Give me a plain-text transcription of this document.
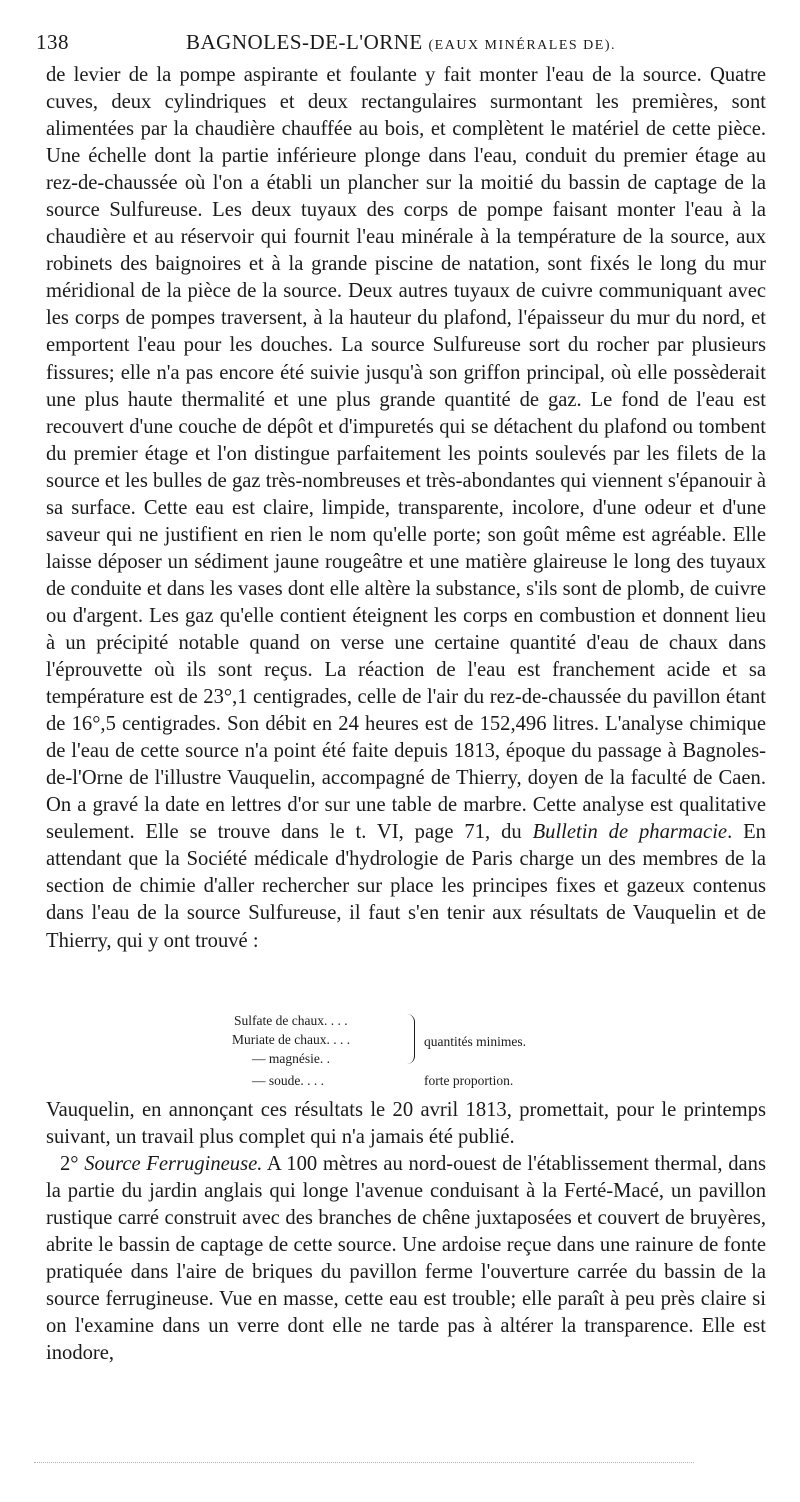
138	BAGNOLES-DE-L'ORNE (EAUX MINÉRALES DE).

de levier de la pompe aspirante et foulante y fait monter l'eau de la source. Quatre cuves, deux cylindriques et deux rectangulaires surmontant les premières, sont alimentées par la chaudière chauffée au bois, et complètent le matériel de cette pièce. Une échelle dont la partie inférieure plonge dans l'eau, conduit du premier étage au rez-de-chaussée où l'on a établi un plancher sur la moitié du bassin de captage de la source Sulfureuse. Les deux tuyaux des corps de pompe faisant monter l'eau à la chaudière et au réservoir qui fournit l'eau minérale à la température de la source, aux robinets des baignoires et à la grande piscine de natation, sont fixés le long du mur méridional de la pièce de la source. Deux autres tuyaux de cuivre communiquant avec les corps de pompes traversent, à la hauteur du plafond, l'épaisseur du mur du nord, et emportent l'eau pour les douches. La source Sulfureuse sort du rocher par plusieurs fissures; elle n'a pas encore été suivie jusqu'à son griffon principal, où elle possèderait une plus haute thermalité et une plus grande quantité de gaz. Le fond de l'eau est recouvert d'une couche de dépôt et d'impuretés qui se détachent du plafond ou tombent du premier étage et l'on distingue parfaitement les points soulevés par les filets de la source et les bulles de gaz très-nombreuses et très-abondantes qui viennent s'épanouir à sa surface. Cette eau est claire, limpide, transparente, incolore, d'une odeur et d'une saveur qui ne justifient en rien le nom qu'elle porte; son goût même est agréable. Elle laisse déposer un sédiment jaune rougeâtre et une matière glaireuse le long des tuyaux de conduite et dans les vases dont elle altère la substance, s'ils sont de plomb, de cuivre ou d'argent. Les gaz qu'elle contient éteignent les corps en combustion et donnent lieu à un précipité notable quand on verse une certaine quantité d'eau de chaux dans l'éprouvette où ils sont reçus. La réaction de l'eau est franchement acide et sa température est de 23°,1 centigrades, celle de l'air du rez-de-chaussée du pavillon étant de 16°,5 centigrades. Son débit en 24 heures est de 152,496 litres. L'analyse chimique de l'eau de cette source n'a point été faite depuis 1813, époque du passage à Bagnoles-de-l'Orne de l'illustre Vauquelin, accompagné de Thierry, doyen de la faculté de Caen. On a gravé la date en lettres d'or sur une table de marbre. Cette analyse est qualitative seulement. Elle se trouve dans le t. VI, page 71, du Bulletin de pharmacie. En attendant que la Société médicale d'hydrologie de Paris charge un des membres de la section de chimie d'aller rechercher sur place les principes fixes et gazeux contenus dans l'eau de la source Sulfureuse, il faut s'en tenir aux résultats de Vauquelin et de Thierry, qui y ont trouvé :

Sulfate de chaux. . . .
Muriate de chaux. . . .
— magnésie. .
— soude. . . .
quantités minimes.
forte proportion.

Vauquelin, en annonçant ces résultats le 20 avril 1813, promettait, pour le printemps suivant, un travail plus complet qui n'a jamais été publié.

2° Source Ferrugineuse. A 100 mètres au nord-ouest de l'établissement thermal, dans la partie du jardin anglais qui longe l'avenue conduisant à la Ferté-Macé, un pavillon rustique carré construit avec des branches de chêne juxtaposées et couvert de bruyères, abrite le bassin de captage de cette source. Une ardoise reçue dans une rainure de fonte pratiquée dans l'aire de briques du pavillon ferme l'ouverture carrée du bassin de la source ferrugineuse. Vue en masse, cette eau est trouble; elle paraît à peu près claire si on l'examine dans un verre dont elle ne tarde pas à altérer la transparence. Elle est inodore,
